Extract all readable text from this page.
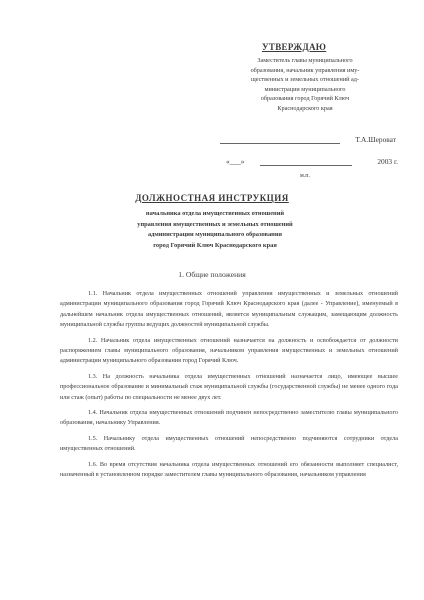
УТВЕРЖДАЮ
Заместитель главы муниципального
образования, начальник управления иму-
щественных и земельных отношений ад-
министрации муниципального
образования город Горячий Ключ
Краснодарского края
Т.А.Шероват
«___»	2003 г.
м.п.
ДОЛЖНОСТНАЯ ИНСТРУКЦИЯ
начальника отдела имущественных отношений
управления имущественных и земельных отношений
администрации муниципального образования
город Горячий Ключ Краснодарского края
1. Общие положения

1.1. Начальник отдела имущественных отношений управления имущественных и земельных отношений администрации муниципального образования город Горячий Ключ Краснодарского края (далее - Управление), именуемый в дальнейшем начальник отдела имущественных отношений, является муниципальным служащим, замещающим должность муниципальной службы группы ведущих должностей муниципальной службы.

1.2. Начальник отдела имущественных отношений назначается на должность и освобождается от должности распоряжением главы муниципального образования, начальником управления имущественных и земельных отношений администрации муниципального образования город Горячий Ключ.

1.3. На должность начальника отдела имущественных отношений назначается лицо, имеющее высшее профессиональное образование и минимальный стаж муниципальной службы (государственной службы) не менее одного года или стаж (опыт) работы по специальности не менее двух лет.

1.4. Начальник отдела имущественных отношений подчинен непосредственно заместителю главы муниципального образования, начальнику Управления.

1.5. Начальнику отдела имущественных отношений непосредственно подчиняются сотрудники отдела имущественных отношений.

1.6. Во время отсутствия начальника отдела имущественных отношений его обязанности выполняет специалист, назначенный в установленном порядке заместителем главы муниципального образования, начальником управления
